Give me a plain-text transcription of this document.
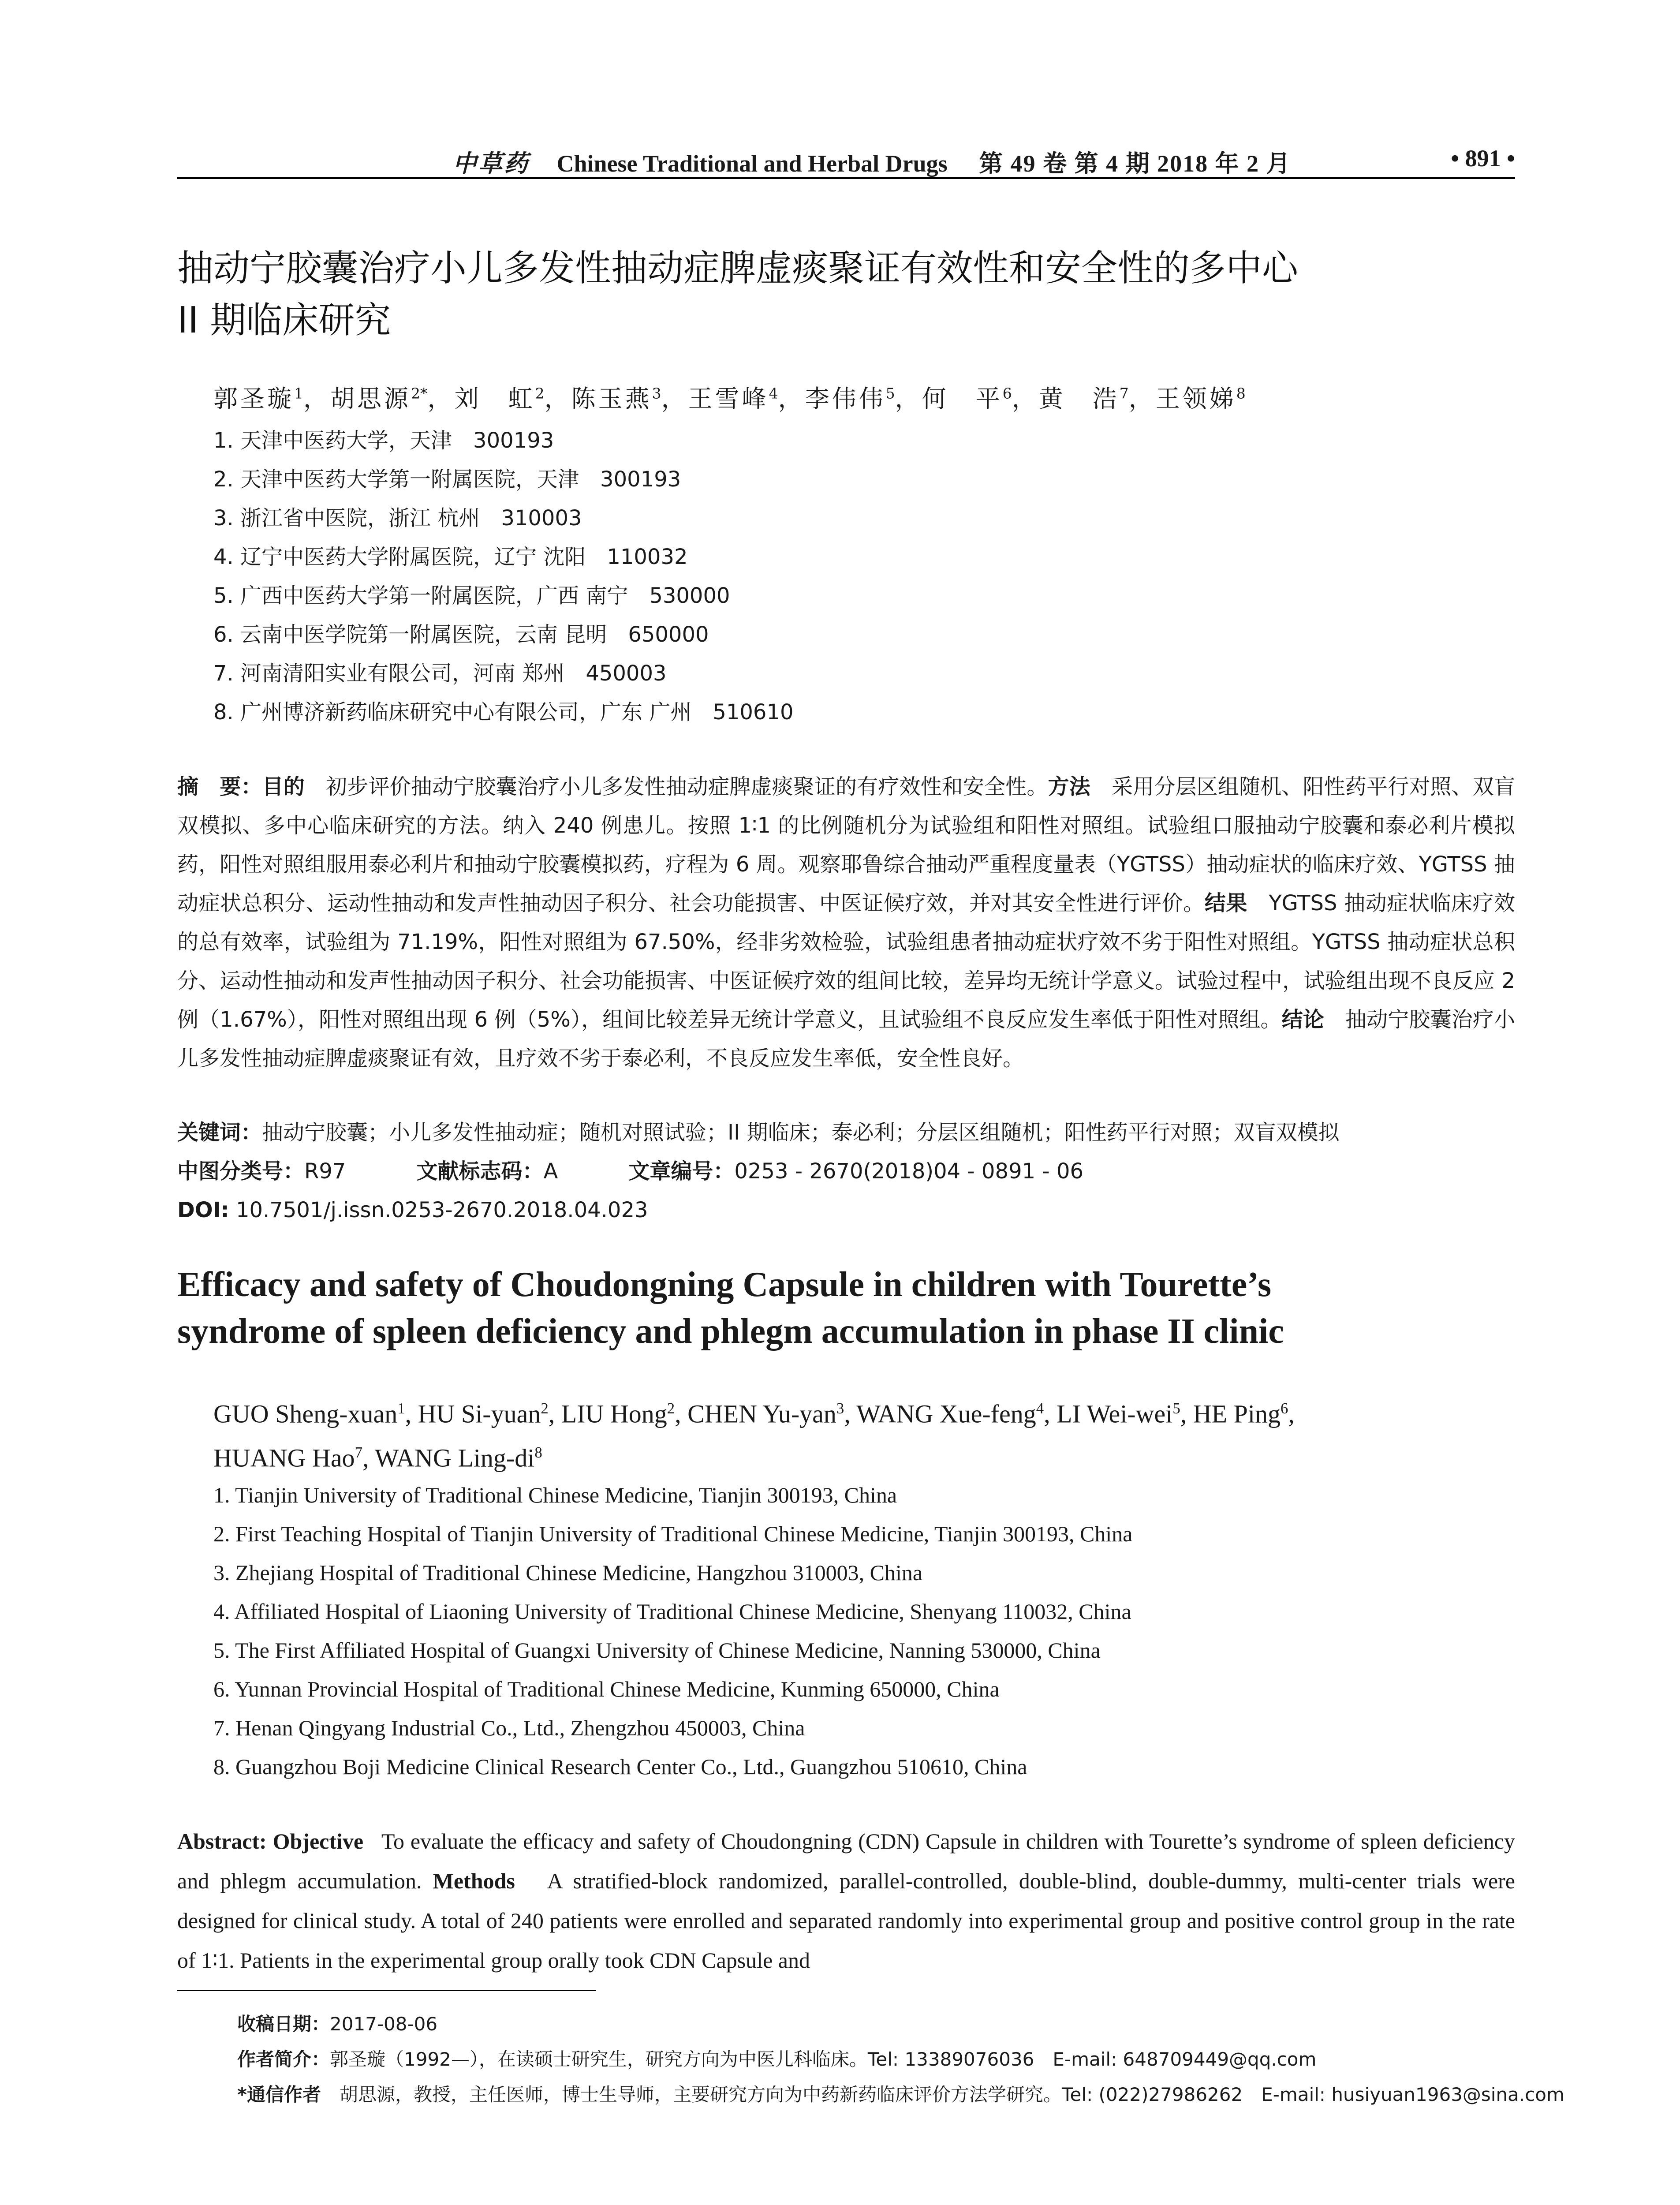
中草药 Chinese Traditional and Herbal Drugs 第 49 卷 第 4 期 2018 年 2 月	• 891 •
抽动宁胶囊治疗小儿多发性抽动症脾虚痰聚证有效性和安全性的多中心
II 期临床研究
郭圣璇$^1$，胡思源$^{2*}$，刘　虹$^2$，陈玉燕$^3$，王雪峰$^4$，李伟伟$^5$，何　平$^6$，黄　浩$^7$，王领娣$^8$
1. 天津中医药大学，天津　300193
2. 天津中医药大学第一附属医院，天津　300193
3. 浙江省中医院，浙江 杭州　310003
4. 辽宁中医药大学附属医院，辽宁 沈阳　110032
5. 广西中医药大学第一附属医院，广西 南宁　530000
6. 云南中医学院第一附属医院，云南 昆明　650000
7. 河南清阳实业有限公司，河南 郑州　450003
8. 广州博济新药临床研究中心有限公司，广东 广州　510610
摘　要：目的　 初步评价抽动宁胶囊治疗小儿多发性抽动症脾虚痰聚证的有疗效性和安全性。方法　 采用分层区组随机、阳性药平行对照、双盲双模拟、多中心临床研究的方法。纳入 240 例患儿。按照 1∶1 的比例随机分为试验组和阳性对照组。试验组口服抽动宁胶囊和泰必利片模拟药，阳性对照组服用泰必利片和抽动宁胶囊模拟药，疗程为 6 周。观察耶鲁综合抽动严重程度量表（YGTSS）抽动症状的临床疗效、YGTSS 抽动症状总积分、运动性抽动和发声性抽动因子积分、社会功能损害、中医证候疗效，并对其安全性进行评价。结果　 YGTSS 抽动症状临床疗效的总有效率，试验组为 71.19%，阳性对照组为 67.50%，经非劣效检验，试验组患者抽动症状疗效不劣于阳性对照组。YGTSS 抽动症状总积分、运动性抽动和发声性抽动因子积分、社会功能损害、中医证候疗效的组间比较，差异均无统计学意义。试验过程中，试验组出现不良反应 2 例（1.67%），阳性对照组出现 6 例（5%），组间比较差异无统计学意义，且试验组不良反应发生率低于阳性对照组。结论　 抽动宁胶囊治疗小儿多发性抽动症脾虚痰聚证有效，且疗效不劣于泰必利，不良反应发生率低，安全性良好。
关键词：抽动宁胶囊；小儿多发性抽动症；随机对照试验；II 期临床；泰必利；分层区组随机；阳性药平行对照；双盲双模拟
中图分类号：R97	文献标志码：A	文章编号：0253 - 2670(2018)04 - 0891 - 06
DOI: 10.7501/j.issn.0253-2670.2018.04.023
Efficacy and safety of Choudongning Capsule in children with Tourette’s
syndrome of spleen deficiency and phlegm accumulation in phase II clinic
GUO Sheng-xuan$^1$, HU Si-yuan$^2$, LIU Hong$^2$, CHEN Yu-yan$^3$, WANG Xue-feng$^4$, LI Wei-wei$^5$, HE Ping$^6$,
HUANG Hao$^7$, WANG Ling-$di^8$
1. Tianjin University of Traditional Chinese Medicine, Tianjin 300193, China
2. First Teaching Hospital of Tianjin University of Traditional Chinese Medicine, Tianjin 300193, China
3. Zhejiang Hospital of Traditional Chinese Medicine, Hangzhou 310003, China
4. Affiliated Hospital of Liaoning University of Traditional Chinese Medicine, Shenyang 110032, China
5. The First Affiliated Hospital of Guangxi University of Chinese Medicine, Nanning 530000, China
6. Yunnan Provincial Hospital of Traditional Chinese Medicine, Kunming 650000, China
7. Henan Qingyang Industrial Co., Ltd., Zhengzhou 450003, China
8. Guangzhou Boji Medicine Clinical Research Center Co., Ltd., Guangzhou 510610, China
Abstract: Objective To evaluate the efficacy and safety of Choudongning (CDN) Capsule in children with Tourette’s syndrome of spleen deficiency and phlegm accumulation. Methods A stratified-block randomized, parallel-controlled, double-blind, double-dummy, multi-center trials were designed for clinical study. A total of 240 patients were enrolled and separated randomly into experimental group and positive control group in the rate of 1∶1. Patients in the experimental group orally took CDN Capsule and
收稿日期：2017-08-06
作者简介：郭圣璇（1992—），在读硕士研究生，研究方向为中医儿科临床。Tel: 13389076036　E-mail: 648709449@qq.com
*通信作者　 胡思源，教授，主任医师，博士生导师，主要研究方向为中药新药临床评价方法学研究。Tel: (022)27986262　E-mail: husiyuan1963@sina.com
